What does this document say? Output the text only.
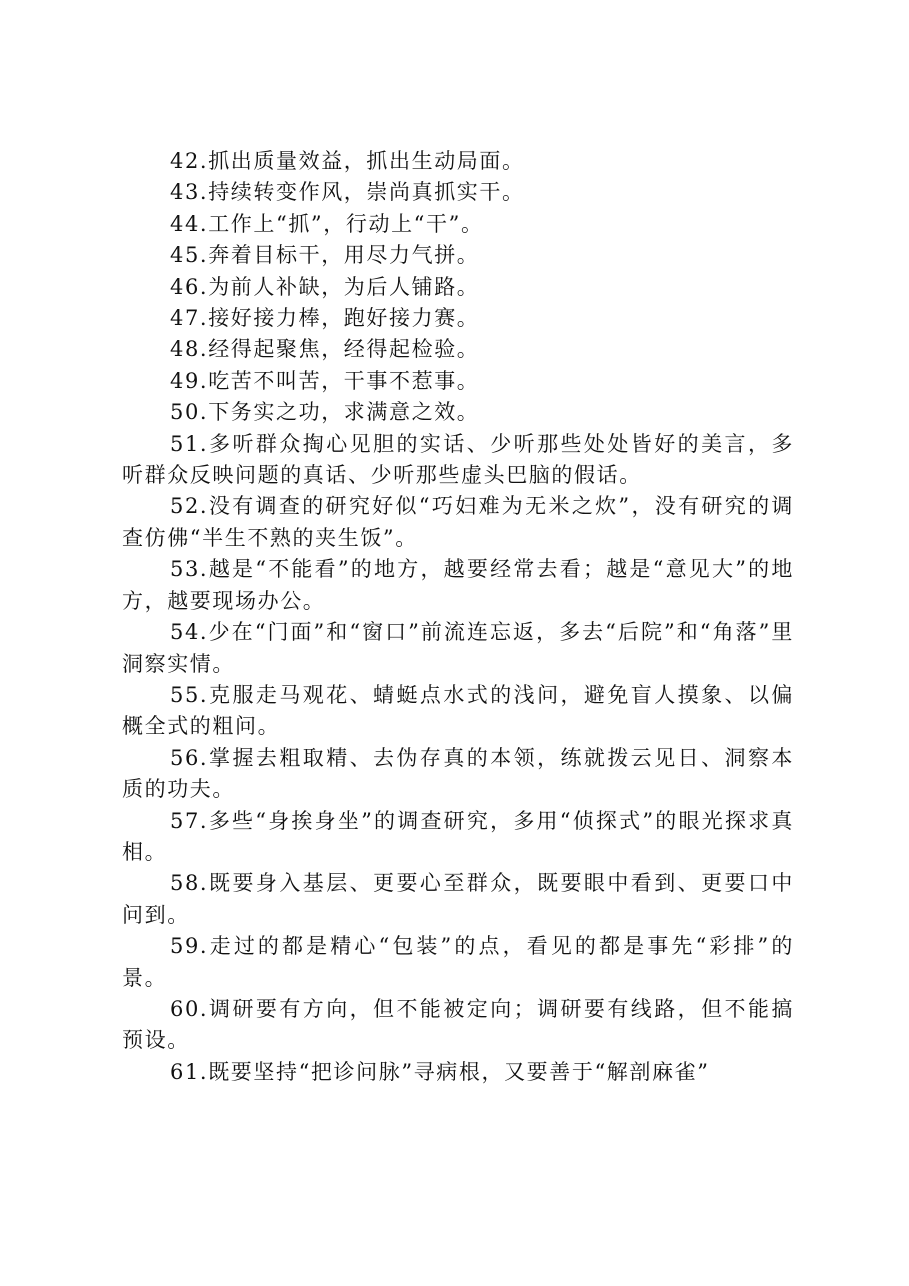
42.抓出质量效益，抓出生动局面。

43.持续转变作风，崇尚真抓实干。

44.工作上“抓”，行动上“干”。

45.奔着目标干，用尽力气拼。

46.为前人补缺，为后人铺路。

47.接好接力棒，跑好接力赛。

48.经得起聚焦，经得起检验。

49.吃苦不叫苦，干事不惹事。

50.下务实之功，求满意之效。

51.多听群众掏心见胆的实话、少听那些处处皆好的美言，多听群众反映问题的真话、少听那些虚头巴脑的假话。

52.没有调查的研究好似“巧妇难为无米之炊”，没有研究的调查仿佛“半生不熟的夹生饭”。

53.越是“不能看”的地方，越要经常去看；越是“意见大”的地方，越要现场办公。

54.少在“门面”和“窗口”前流连忘返，多去“后院”和“角落”里洞察实情。

55.克服走马观花、蜻蜓点水式的浅问，避免盲人摸象、以偏概全式的粗问。

56.掌握去粗取精、去伪存真的本领，练就拨云见日、洞察本质的功夫。

57.多些“身挨身坐”的调查研究，多用“侦探式”的眼光探求真相。

58.既要身入基层、更要心至群众，既要眼中看到、更要口中问到。

59.走过的都是精心“包装”的点，看见的都是事先“彩排”的景。

60.调研要有方向，但不能被定向；调研要有线路，但不能搞预设。

61.既要坚持“把诊问脉”寻病根，又要善于“解剖麻雀”
